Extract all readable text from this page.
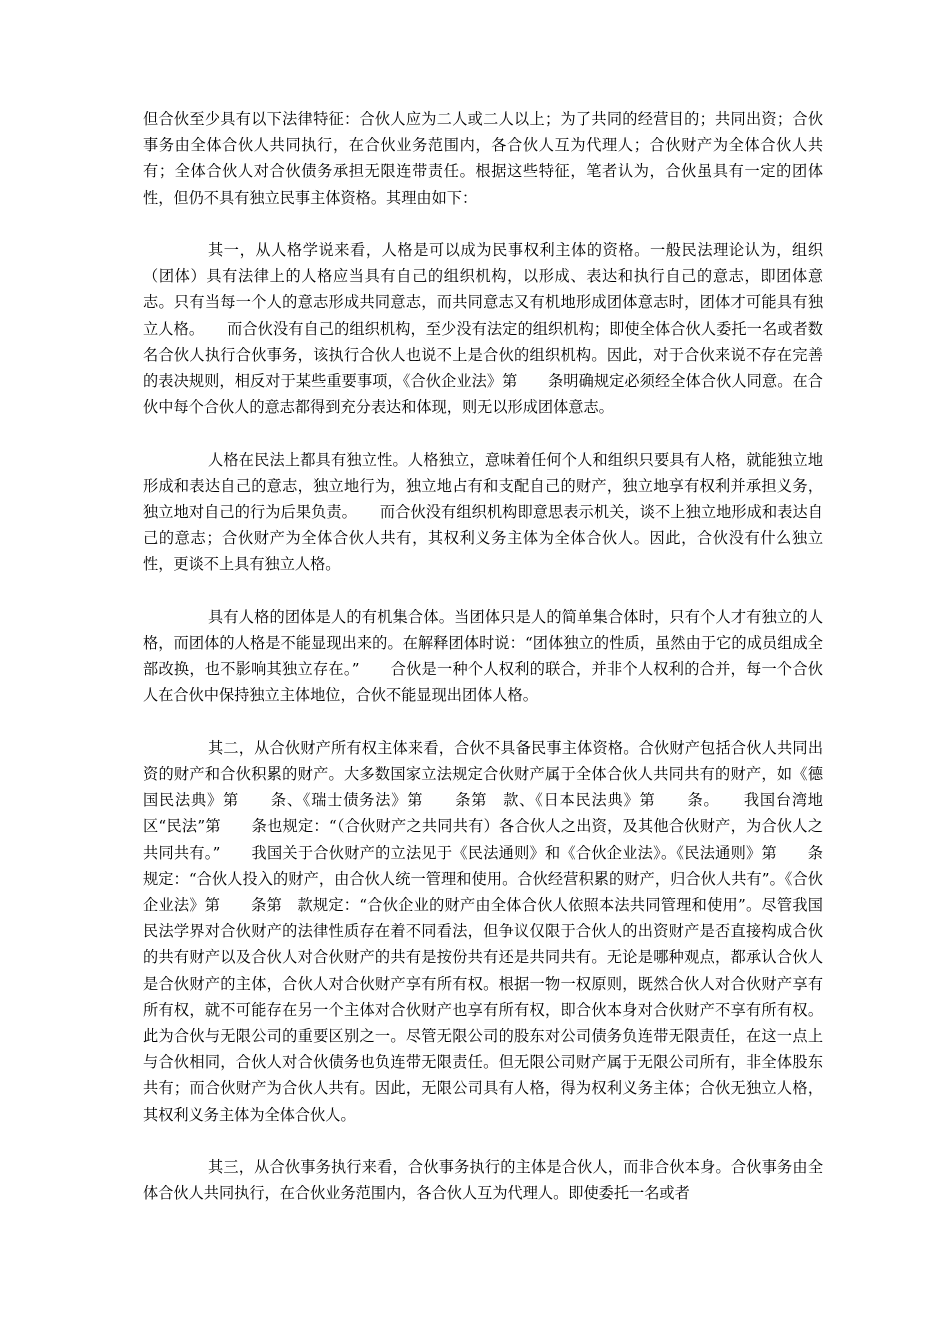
但合伙至少具有以下法律特征：合伙人应为二人或二人以上；为了共同的经营目的；共同出资；合伙事务由全体合伙人共同执行，在合伙业务范围内，各合伙人互为代理人；合伙财产为全体合伙人共有；全体合伙人对合伙债务承担无限连带责任。根据这些特征，笔者认为，合伙虽具有一定的团体性，但仍不具有独立民事主体资格。其理由如下：

其一，从人格学说来看，人格是可以成为民事权利主体的资格。一般民法理论认为，组织（团体）具有法律上的人格应当具有自己的组织机构，以形成、表达和执行自己的意志，即团体意志。只有当每一个人的意志形成共同意志，而共同意志又有机地形成团体意志时，团体才可能具有独立人格。　　而合伙没有自己的组织机构，至少没有法定的组织机构；即使全体合伙人委托一名或者数名合伙人执行合伙事务，该执行合伙人也说不上是合伙的组织机构。因此，对于合伙来说不存在完善的表决规则，相反对于某些重要事项，《合伙企业法》第　　条明确规定必须经全体合伙人同意。在合伙中每个合伙人的意志都得到充分表达和体现，则无以形成团体意志。

人格在民法上都具有独立性。人格独立，意味着任何个人和组织只要具有人格，就能独立地形成和表达自己的意志，独立地行为，独立地占有和支配自己的财产，独立地享有权利并承担义务，独立地对自己的行为后果负责。　　而合伙没有组织机构即意思表示机关，谈不上独立地形成和表达自己的意志；合伙财产为全体合伙人共有，其权利义务主体为全体合伙人。因此，合伙没有什么独立性，更谈不上具有独立人格。

具有人格的团体是人的有机集合体。当团体只是人的简单集合体时，只有个人才有独立的人格，而团体的人格是不能显现出来的。在解释团体时说：“团体独立的性质，虽然由于它的成员组成全部改换，也不影响其独立存在。”　　合伙是一种个人权利的联合，并非个人权利的合并，每一个合伙人在合伙中保持独立主体地位，合伙不能显现出团体人格。

其二，从合伙财产所有权主体来看，合伙不具备民事主体资格。合伙财产包括合伙人共同出资的财产和合伙积累的财产。大多数国家立法规定合伙财产属于全体合伙人共同共有的财产，如《德国民法典》第　　条、《瑞士债务法》第　　条第　款、《日本民法典》第　　条。　　我国台湾地区“民法”第　　条也规定：“（合伙财产之共同共有）各合伙人之出资，及其他合伙财产，为合伙人之共同共有。”　　我国关于合伙财产的立法见于《民法通则》和《合伙企业法》。《民法通则》第　　条规定：“合伙人投入的财产，由合伙人统一管理和使用。合伙经营积累的财产，归合伙人共有”。《合伙企业法》第　　条第　款规定：“合伙企业的财产由全体合伙人依照本法共同管理和使用”。尽管我国民法学界对合伙财产的法律性质存在着不同看法，但争议仅限于合伙人的出资财产是否直接构成合伙的共有财产以及合伙人对合伙财产的共有是按份共有还是共同共有。无论是哪种观点，都承认合伙人是合伙财产的主体，合伙人对合伙财产享有所有权。根据一物一权原则，既然合伙人对合伙财产享有所有权，就不可能存在另一个主体对合伙财产也享有所有权，即合伙本身对合伙财产不享有所有权。此为合伙与无限公司的重要区别之一。尽管无限公司的股东对公司债务负连带无限责任，在这一点上与合伙相同，合伙人对合伙债务也负连带无限责任。但无限公司财产属于无限公司所有，非全体股东共有；而合伙财产为合伙人共有。因此，无限公司具有人格，得为权利义务主体；合伙无独立人格，其权利义务主体为全体合伙人。

其三，从合伙事务执行来看，合伙事务执行的主体是合伙人，而非合伙本身。合伙事务由全体合伙人共同执行，在合伙业务范围内，各合伙人互为代理人。即使委托一名或者
